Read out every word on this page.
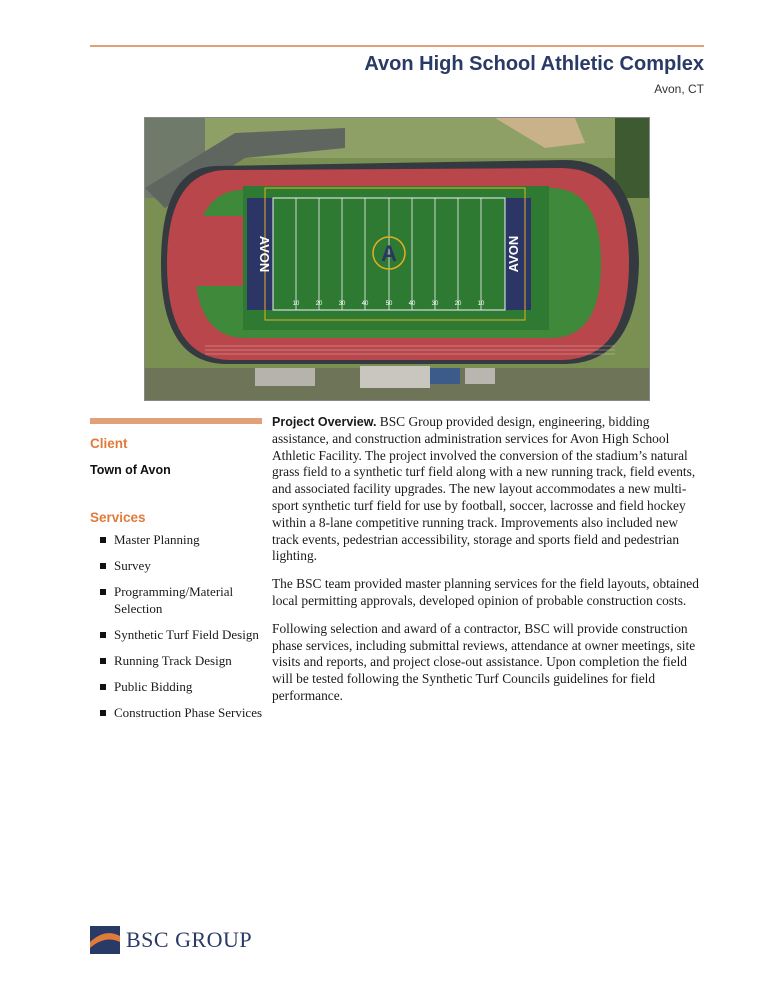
Avon High School Athletic Complex
Avon, CT
A
AVON	AVON
10	20	30	40	50	40	30	20	10
Client
Town of Avon
Services
Master Planning
Survey
Programming/Material Selection
Synthetic Turf Field Design
Running Track Design
Public Bidding
Construction Phase Services

Project Overview. BSC Group provided design, engineering, bidding assistance, and construction administration services for Avon High School Athletic Facility. The project involved the conversion of the stadium’s natural grass field to a synthetic turf field along with a new running track, field events, and associated facility upgrades. The new layout accommodates a new multi-sport synthetic turf field for use by football, soccer, lacrosse and field hockey within a 8-lane competitive running track. Improvements also included new track events, pedestrian accessibility, storage and sports field and pedestrian lighting.

The BSC team provided master planning services for the field layouts, obtained local permitting approvals, developed opinion of probable construction costs.

Following selection and award of a contractor, BSC will provide construction phase services, including submittal reviews, attendance at owner meetings, site visits and reports, and project close-out assistance. Upon completion the field will be tested following the Synthetic Turf Councils guidelines for field performance.

BSC GROUP
